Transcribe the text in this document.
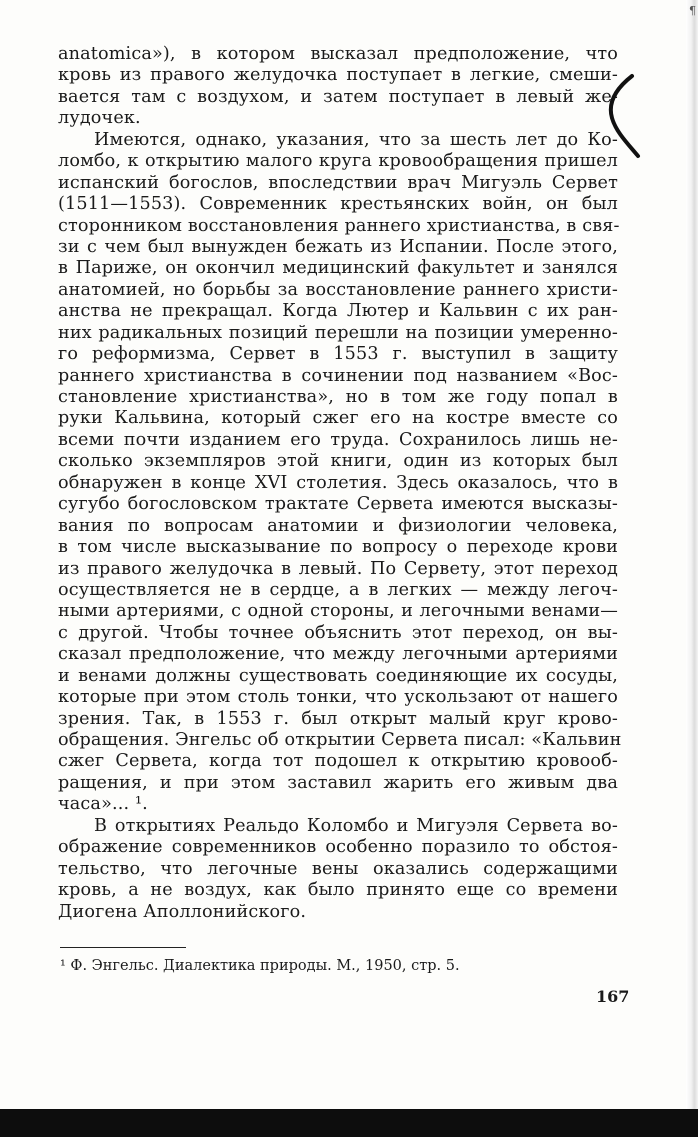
anatomica»), в котором высказал предположение, что
кровь из правого желудочка поступает в легкие, смеши-
вается там с воздухом, и затем поступает в левый же-
лудочек.
Имеются, однако, указания, что за шесть лет до Ко-
ломбо, к открытию малого круга кровообращения пришел
испанский богослов, впоследствии врач Мигуэль Сервет
(1511—1553). Современник крестьянских войн, он был
сторонником восстановления раннего христианства, в свя-
зи с чем был вынужден бежать из Испании. После этого,
в Париже, он окончил медицинский факультет и занялся
анатомией, но борьбы за восстановление раннего христи-
анства не прекращал. Когда Лютер и Кальвин с их ран-
них радикальных позиций перешли на позиции умеренно-
го реформизма, Сервет в 1553 г. выступил в защиту
раннего христианства в сочинении под названием «Вос-
становление христианства», но в том же году попал в
руки Кальвина, который сжег его на костре вместе со
всеми почти изданием его труда. Сохранилось лишь не-
сколько экземпляров этой книги, один из которых был
обнаружен в конце XVI столетия. Здесь оказалось, что в
сугубо богословском трактате Сервета имеются высказы-
вания по вопросам анатомии и физиологии человека,
в том числе высказывание по вопросу о переходе крови
из правого желудочка в левый. По Сервету, этот переход
осуществляется не в сердце, а в легких — между легоч-
ными артериями, с одной стороны, и легочными венами—
с другой. Чтобы точнее объяснить этот переход, он вы-
сказал предположение, что между легочными артериями
и венами должны существовать соединяющие их сосуды,
которые при этом столь тонки, что ускользают от нашего
зрения. Так, в 1553 г. был открыт малый круг крово-
обращения. Энгельс об открытии Сервета писал: «Кальвин
сжег Сервета, когда тот подошел к открытию кровооб-
ращения, и при этом заставил жарить его живым два
часа»... ¹.
В открытиях Реальдо Коломбо и Мигуэля Сервета во-
ображение современников особенно поразило то обстоя-
тельство, что легочные вены оказались содержащими
кровь, а не воздух, как было принято еще со времени
Диогена Аполлонийского.
¹ Ф. Энгельс. Диалектика природы. М., 1950, стр. 5.
167
¶
